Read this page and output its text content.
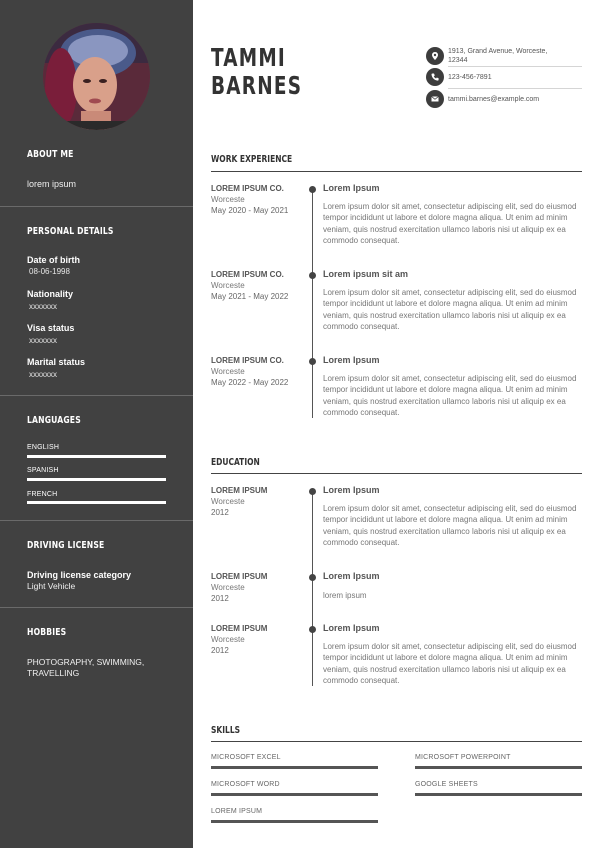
ABOUT ME
lorem ipsum
PERSONAL DETAILS
Date of birth
08-06-1998
Nationality
xxxxxxx
Visa status
xxxxxxx
Marital status
xxxxxxx
LANGUAGES
ENGLISH
SPANISH
FRENCH
DRIVING LICENSE
Driving license category
Light Vehicle
HOBBIES
PHOTOGRAPHY, SWIMMING,
TRAVELLING
TAMMI
BARNES
1913, Grand Avenue, Worceste,
12344
123-456-7891
tammi.barnes@example.com
WORK EXPERIENCE
LOREM IPSUM CO.
Worceste
May 2020 - May 2021
Lorem Ipsum
Lorem ipsum dolor sit amet, consectetur adipiscing elit, sed do eiusmod tempor incididunt ut labore et dolore magna aliqua. Ut enim ad minim veniam, quis nostrud exercitation ullamco laboris nisi ut aliquip ex ea commodo consequat.
LOREM IPSUM CO.
Worceste
May 2021 - May 2022
Lorem ipsum sit am
Lorem ipsum dolor sit amet, consectetur adipiscing elit, sed do eiusmod tempor incididunt ut labore et dolore magna aliqua. Ut enim ad minim veniam, quis nostrud exercitation ullamco laboris nisi ut aliquip ex ea commodo consequat.
LOREM IPSUM CO.
Worceste
May 2022 - May 2022
Lorem Ipsum
Lorem ipsum dolor sit amet, consectetur adipiscing elit, sed do eiusmod tempor incididunt ut labore et dolore magna aliqua. Ut enim ad minim veniam, quis nostrud exercitation ullamco laboris nisi ut aliquip ex ea commodo consequat.
EDUCATION
LOREM IPSUM
Worceste
2012
Lorem Ipsum
Lorem ipsum dolor sit amet, consectetur adipiscing elit, sed do eiusmod tempor incididunt ut labore et dolore magna aliqua. Ut enim ad minim veniam, quis nostrud exercitation ullamco laboris nisi ut aliquip ex ea commodo consequat.
LOREM IPSUM
Worceste
2012
Lorem Ipsum
lorem ipsum
LOREM IPSUM
Worceste
2012
Lorem Ipsum
Lorem ipsum dolor sit amet, consectetur adipiscing elit, sed do eiusmod tempor incididunt ut labore et dolore magna aliqua. Ut enim ad minim veniam, quis nostrud exercitation ullamco laboris nisi ut aliquip ex ea commodo consequat.
SKILLS
MICROSOFT EXCEL	MICROSOFT POWERPOINT
MICROSOFT WORD	GOOGLE SHEETS
LOREM IPSUM
